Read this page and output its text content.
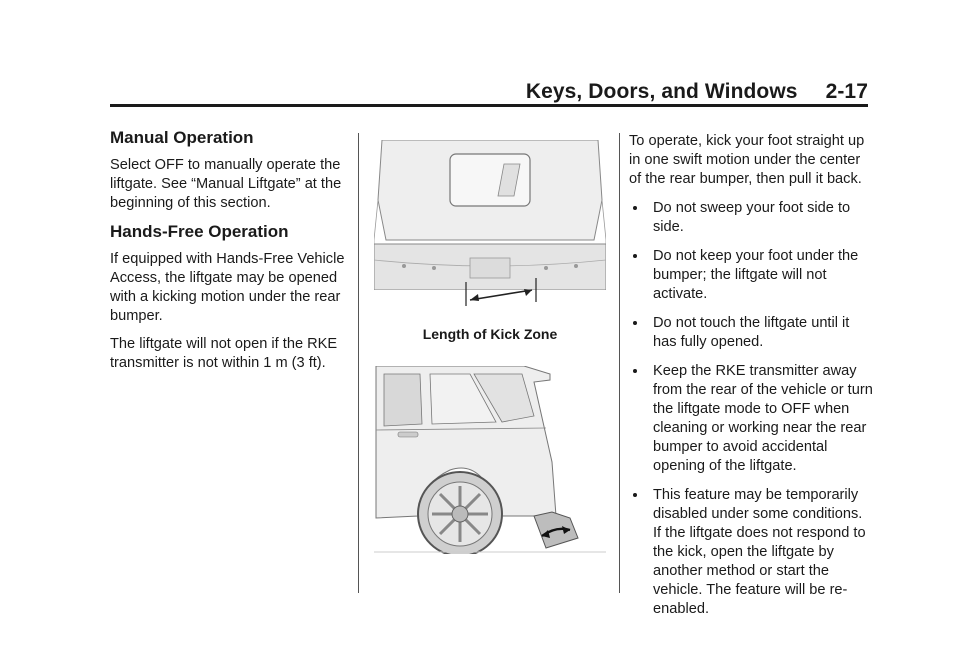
Keys, Doors, and Windows 2-17
Manual Operation

Select OFF to manually operate the liftgate. See “Manual Liftgate” at the beginning of this section.

Hands-Free Operation

If equipped with Hands-Free Vehicle Access, the liftgate may be opened with a kicking motion under the rear bumper.

The liftgate will not open if the RKE transmitter is not within 1 m (3 ft).

Length of Kick Zone

To operate, kick your foot straight up in one swift motion under the center of the rear bumper, then pull it back.

Do not sweep your foot side to side.
Do not keep your foot under the bumper; the liftgate will not activate.
Do not touch the liftgate until it has fully opened.
Keep the RKE transmitter away from the rear of the vehicle or turn the liftgate mode to OFF when cleaning or working near the rear bumper to avoid accidental opening of the liftgate.
This feature may be temporarily disabled under some conditions. If the liftgate does not respond to the kick, open the liftgate by another method or start the vehicle. The feature will be re-enabled.
